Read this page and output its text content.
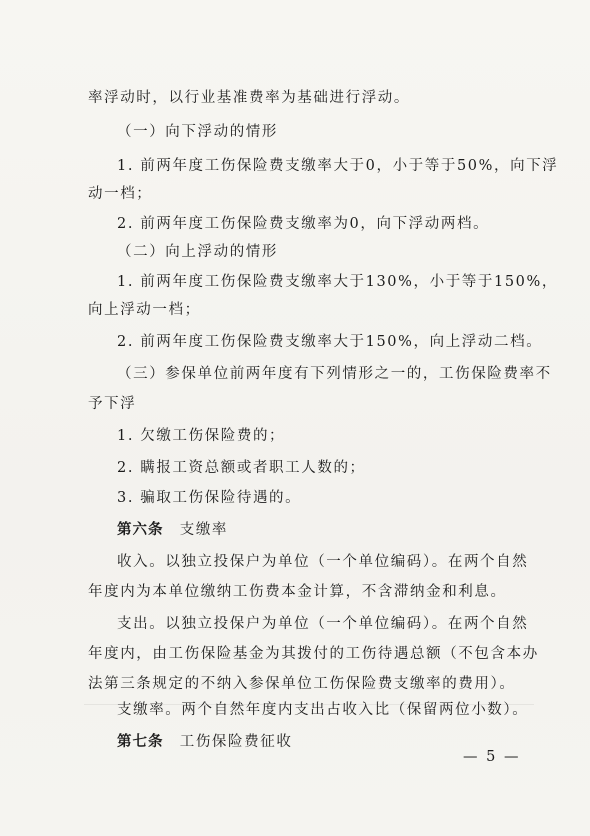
率浮动时，以行业基准费率为基础进行浮动。
（一）向下浮动的情形
1. 前两年度工伤保险费支缴率大于0，小于等于50%，向下浮
动一档；
2. 前两年度工伤保险费支缴率为0，向下浮动两档。
（二）向上浮动的情形
1. 前两年度工伤保险费支缴率大于130%，小于等于150%，
向上浮动一档；
2. 前两年度工伤保险费支缴率大于150%，向上浮动二档。
（三）参保单位前两年度有下列情形之一的，工伤保险费率不
予下浮
1. 欠缴工伤保险费的；
2. 瞒报工资总额或者职工人数的；
3. 骗取工伤保险待遇的。
第六条 支缴率
收入。以独立投保户为单位（一个单位编码）。在两个自然
年度内为本单位缴纳工伤费本金计算，不含滞纳金和利息。
支出。以独立投保户为单位（一个单位编码）。在两个自然
年度内，由工伤保险基金为其拨付的工伤待遇总额（不包含本办
法第三条规定的不纳入参保单位工伤保险费支缴率的费用）。
支缴率。两个自然年度内支出占收入比（保留两位小数）。
第七条 工伤保险费征收
— 5 —
